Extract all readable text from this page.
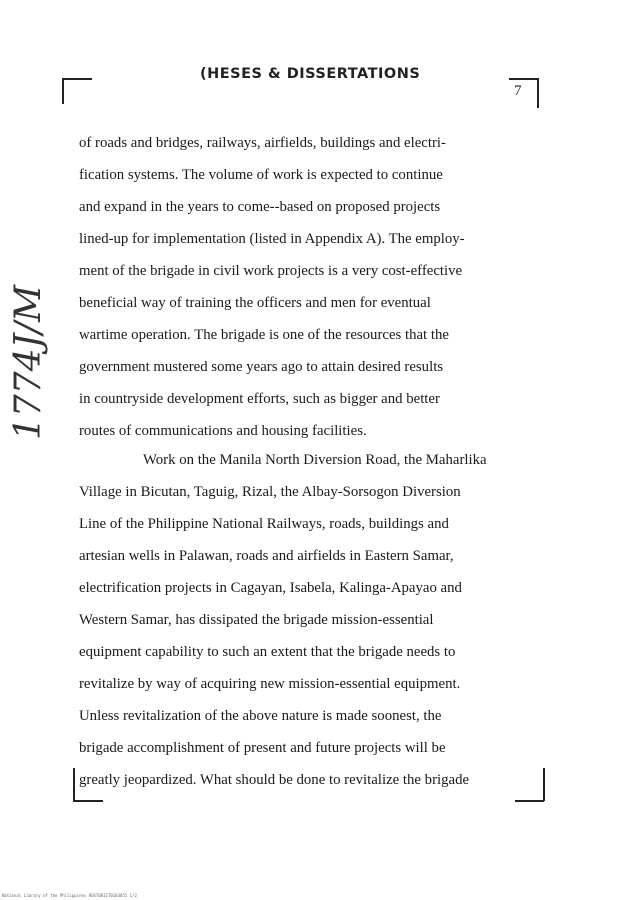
(HESES & DISSERTATIONS
7
1774J/M
of roads and bridges, railways, airfields, buildings and electri-
fication systems. The volume of work is expected to continue
and expand in the years to come--based on proposed projects
lined-up for implementation (listed in Appendix A). The employ-
ment of the brigade in civil work projects is a very cost-effective
beneficial way of training the officers and men for eventual
wartime operation. The brigade is one of the resources that the
government mustered some years ago to attain desired results
in countryside development efforts, such as bigger and better
routes of communications and housing facilities.
Work on the Manila North Diversion Road, the Maharlika
Village in Bicutan, Taguig, Rizal, the Albay-Sorsogon Diversion
Line of the Philippine National Railways, roads, buildings and
artesian wells in Palawan, roads and airfields in Eastern Samar,
electrification projects in Cagayan, Isabela, Kalinga-Apayao and
Western Samar, has dissipated the brigade mission-essential
equipment capability to such an extent that the brigade needs to
revitalize by way of acquiring new mission-essential equipment.
Unless revitalization of the above nature is made soonest, the
brigade accomplishment of present and future projects will be
greatly jeopardized. What should be done to revitalize the brigade
National Library of the Philippines RUST0011T0103855 1/2
